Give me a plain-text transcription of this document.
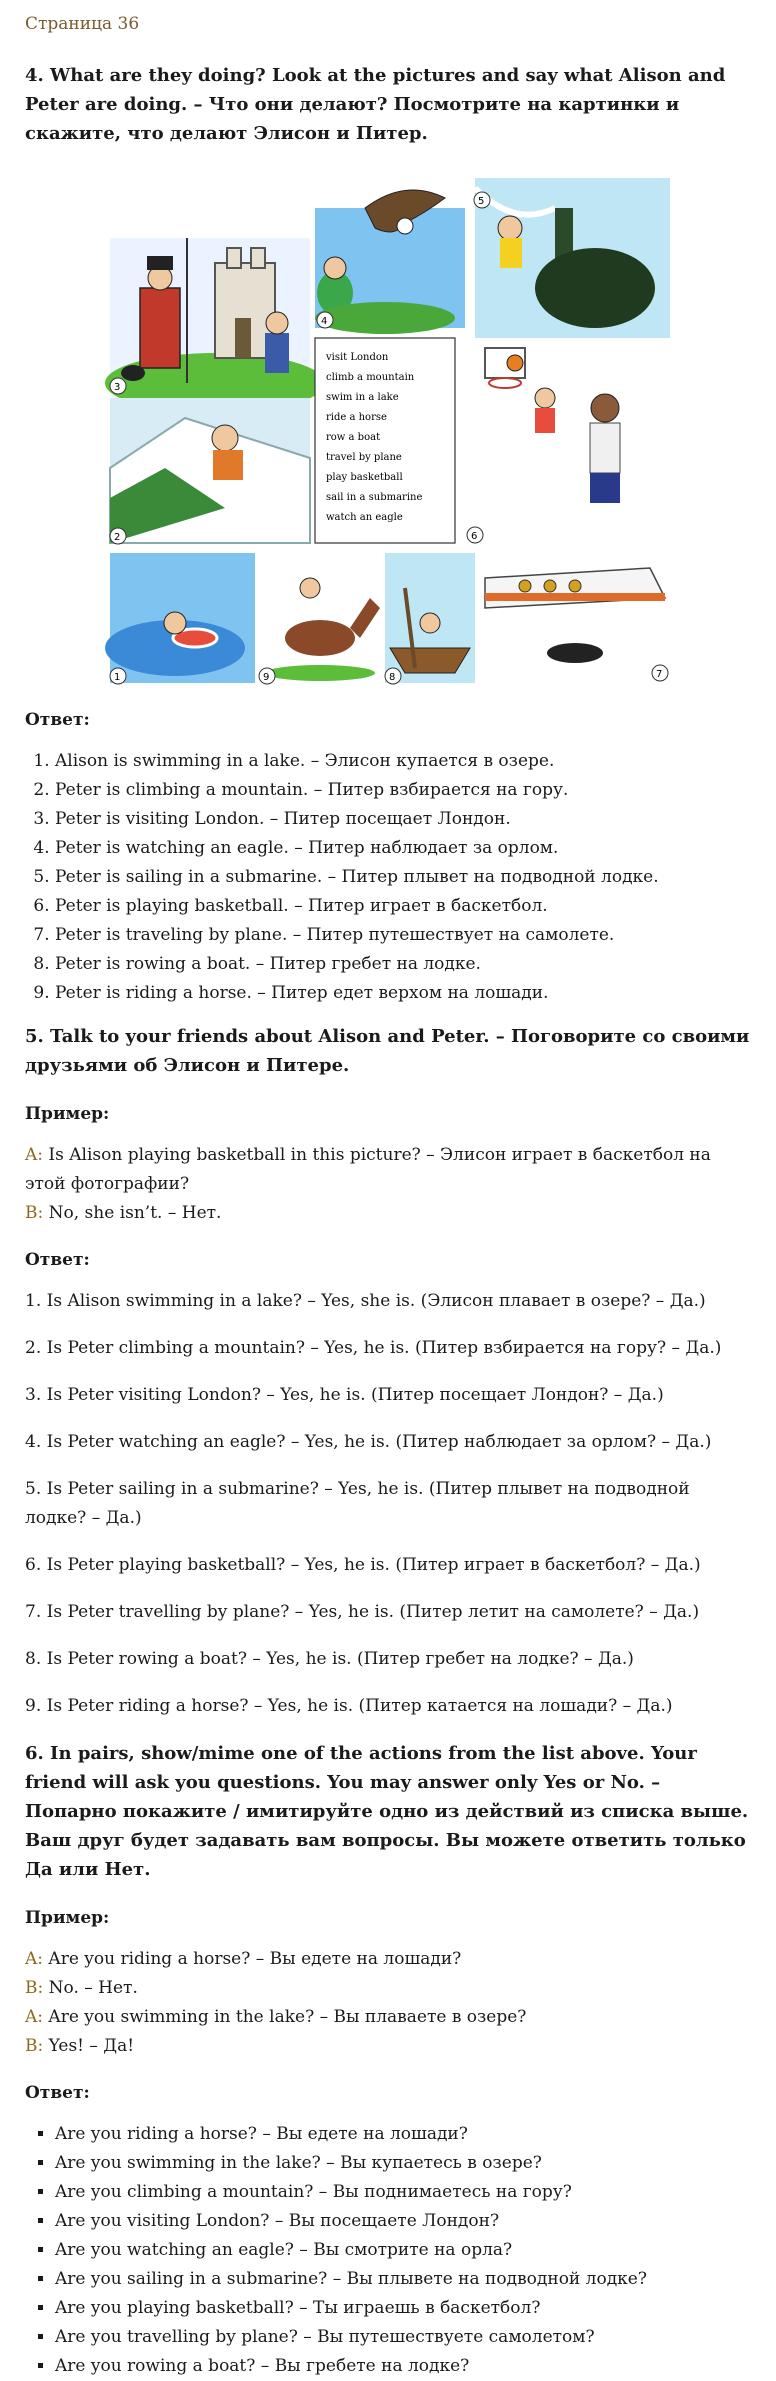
Страница 36
4. What are they doing? Look at the pictures and say what Alison and Peter are doing. – Что они делают? Посмотрите на картинки и скажите, что делают Элисон и Питер.
3
4
5
visit London
climb a mountain
swim in a lake
ride a horse
row a boat
travel by plane
play basketball
sail in a submarine
watch an eagle
2	6
1	9	8	7
Ответ:
1. Alison is swimming in a lake. – Элисон купается в озере.
2. Peter is climbing a mountain. – Питер взбирается на гору.
3. Peter is visiting London. – Питер посещает Лондон.
4. Peter is watching an eagle. – Питер наблюдает за орлом.
5. Peter is sailing in a submarine. – Питер плывет на подводной лодке.
6. Peter is playing basketball. – Питер играет в баскетбол.
7. Peter is traveling by plane. – Питер путешествует на самолете.
8. Peter is rowing a boat. – Питер гребет на лодке.
9. Peter is riding a horse. – Питер едет верхом на лошади.
5. Talk to your friends about Alison and Peter. – Поговорите со своими друзьями об Элисон и Питере.
Пример:
A: Is Alison playing basketball in this picture? – Элисон играет в баскетбол на этой фотографии?
B: No, she isn’t. – Нет.
Ответ:

1. Is Alison swimming in a lake? – Yes, she is. (Элисон плавает в озере? – Да.)

2. Is Peter climbing a mountain? – Yes, he is. (Питер взбирается на гору? – Да.)

3. Is Peter visiting London? – Yes, he is. (Питер посещает Лондон? – Да.)

4. Is Peter watching an eagle? – Yes, he is. (Питер наблюдает за орлом? – Да.)

5. Is Peter sailing in a submarine? – Yes, he is. (Питер плывет на подводной лодке? – Да.)

6. Is Peter playing basketball? – Yes, he is. (Питер играет в баскетбол? – Да.)

7. Is Peter travelling by plane? – Yes, he is. (Питер летит на самолете? – Да.)

8. Is Peter rowing a boat? – Yes, he is. (Питер гребет на лодке? – Да.)

9. Is Peter riding a horse? – Yes, he is. (Питер катается на лошади? – Да.)

6. In pairs, show/mime one of the actions from the list above. Your friend will ask you questions. You may answer only Yes or No. – Попарно покажите / имитируйте одно из действий из списка выше. Ваш друг будет задавать вам вопросы. Вы можете ответить только Да или Нет.
Пример:
A: Are you riding a horse? – Вы едете на лошади?
B: No. – Нет.
A: Are you swimming in the lake? – Вы плаваете в озере?
B: Yes! – Да!
Ответ:
▪ Are you riding a horse? – Вы едете на лошади?
▪ Are you swimming in the lake? – Вы купаетесь в озере?
▪ Are you climbing a mountain? – Вы поднимаетесь на гору?
▪ Are you visiting London? – Вы посещаете Лондон?
▪ Are you watching an eagle? – Вы смотрите на орла?
▪ Are you sailing in a submarine? – Вы плывете на подводной лодке?
▪ Are you playing basketball? – Ты играешь в баскетбол?
▪ Are you travelling by plane? – Вы путешествуете самолетом?
▪ Are you rowing a boat? – Вы гребете на лодке?
